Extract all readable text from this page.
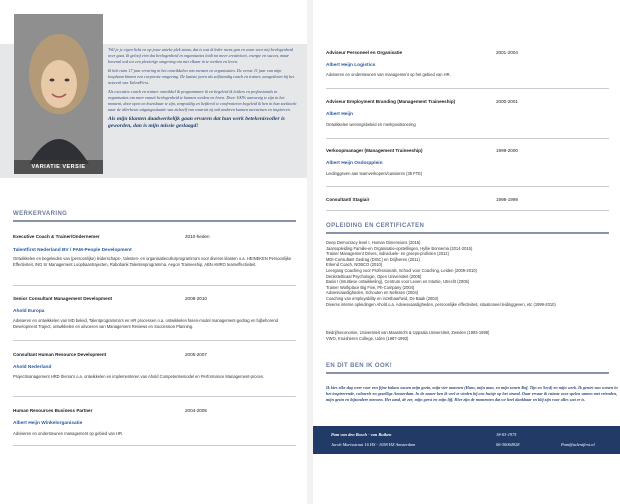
VARIATIE VERSIE

'Wil je je eigen licht en op jouw unieke plek staan, dat is wat ik leder mens gun en waar voor mij bevlogenheid over gaat. Ik geloof erin dat bevlogenheid in organisaties leidt tot meer creativiteit, energie en succes, maar bovenal ook tot een plezierige omgeving om met elkaar in te werken en leven.

Ik heb ruim 17 jaar ervaring in het ontwikkelen van mensen en organisaties. De eerste 11 jaar van mijn loopbaan binnen een corporate omgeving. De laatste jaren als zelfstandig coach en trainer, aangesloten bij het netwerk van TalentFirst.

Als executive coach en trainer ontwikkel & programmeer ik en begeleid ik leiders en professionals in organisaties om meer vanuit bevlogenheid te kunnen werken en leven. Door 100% aanwezig te zijn in het moment, door open en kwetsbaar te zijn, zorgvuldig en liefdevol te confronteren begeleid ik hen in hun zoektocht naar de allerbeste uitgangssituatie van zichzelf van waaruit zij ook anderen kunnen meenemen en inspireren.

Als mijn klanten daadwerkelijk gaan ervaren dat hun werk betekenisvoller is geworden, dan is mijn missie geslaagd!

WERKERVARING
Executive Coach & Trainer/Ondernemer	2010-heden
Talentfirst Nederland BV / PAM-People Development
Ontwikkelen en begeleiden van (persoonlijke) leiderschaps-, talenten- en organisatieculturprogramma's voor diverse klanten o.a. HEINEKEN Persoonlijke Effectiviteit, ING Sr Management Loopbaantrajecten, Rabobank Talentenprogramma, Aegon Traineeship, ABN AMRO teameffectiviteit.
Senior Consultant Management Development	2008-2010
Ahold Europa
Adviseren en ontwikkelen van MD beleid, Talentprogramma's en HR processen o.a. ontwikkelen fasen-model management-gedrag en bijbehorend Development Traject, ontwikkelen en uitvoeren van Management Reviews en Succession Planning.
Consultant Human Resource Development	2005-2007
Ahold Nederland
Projectmanagement HRD thema's o.a. ontwikkelen en implementeren van Ahold Competentiemodel en Performance Management-proces.
Human Resources Business Partner	2004-2005
Albert Heijn Winkelorganisatie
Adviseren en ondersteunen management op gebied van HR.
Adviseur Personeel en Organisatie	2001-2004
Albert Heijn Logistics
Adviseren en ondersteunen van management op het gebied van HR.
Adviseur Employment Branding (Management Traineeship)	2000-2001
Albert Heijn
Ontwikkelen wervingsbeleid en merkpositionering
Verkoopmanager (Management Traineeship)	1999-2000
Albert Heijn Osdorpplein
Leidinggeven aan teamverkopers/cassieres (35 FTE)
Consultant/ Stagiair	1998-1999
OPLEIDING EN CERTIFICATEN
Deep Democracy level I, Human Dimensions (2016)
Jaarsopleiding Familie-en Organisatie-opstellingen, Hyllie Bonnema (2014-2015)
Trainer Management Drives, individuele- en groeps-profielen (2012)
MDI-Consultant Gedrag (DISC) en Drijfveren (2011)
Erkend Coach, NOBCO (2010)
Leergang Coaching voor Professionals, School voor Coaching, Leiden (2009-2010)
Denkstelticaal Psychologie, Open Universiteit (2005)
Basis I (Intuïtieve ontwikkeling), Centrum voor Leven en Intuïtie, Utrecht (2005)
Trainer Workplace Big Five, Ph-Company (2004)
Adviesvaardigheden, Schouten en Nelissen (2004)
Coaching van employability en inzetbaarheid, De Baak (2003)
Diverse interne opleidingen Ahold o.a. Adviesvaardigheden, persoonlijke effectiviteit, situationeel leidinggeven, etc (1999-2010)
Bedrijfseconomie, Universiteit van Maastricht & Uppsala Universiteit, Zweden (1993-1998)
VWO, Kruisheren College, Uden (1987-1993)
EN DIT BEN IK OOK!
Ik kies elke dag weer voor een fijne balans tussen mijn gezin, mijn vier mannen (Hans, mijn man, en mijn zonen Raf, Tijn en Seyd) en mijn werk. Ik geniet van wonen in het inspirerende, culturele en gezellige Amsterdam. In de zomer ben ik veel te vinden bij ons huisje op het strand. Daar ervaar ik ruimte voor spelen samen met vrienden, mijn gezin en bijzondere mensen. Het zand, de zee, mijn geest en mijn lijf. Hier zijn de momenten dat we heel dankbaar en blij zijn voor alles wat er is.
Pam van den Bosch - van Ruiken
Jacob Marisstraat 16 HS - 1058 HZ Amsterdam
18-03-1975
06-30064928	Pam@talentfirst.nl
